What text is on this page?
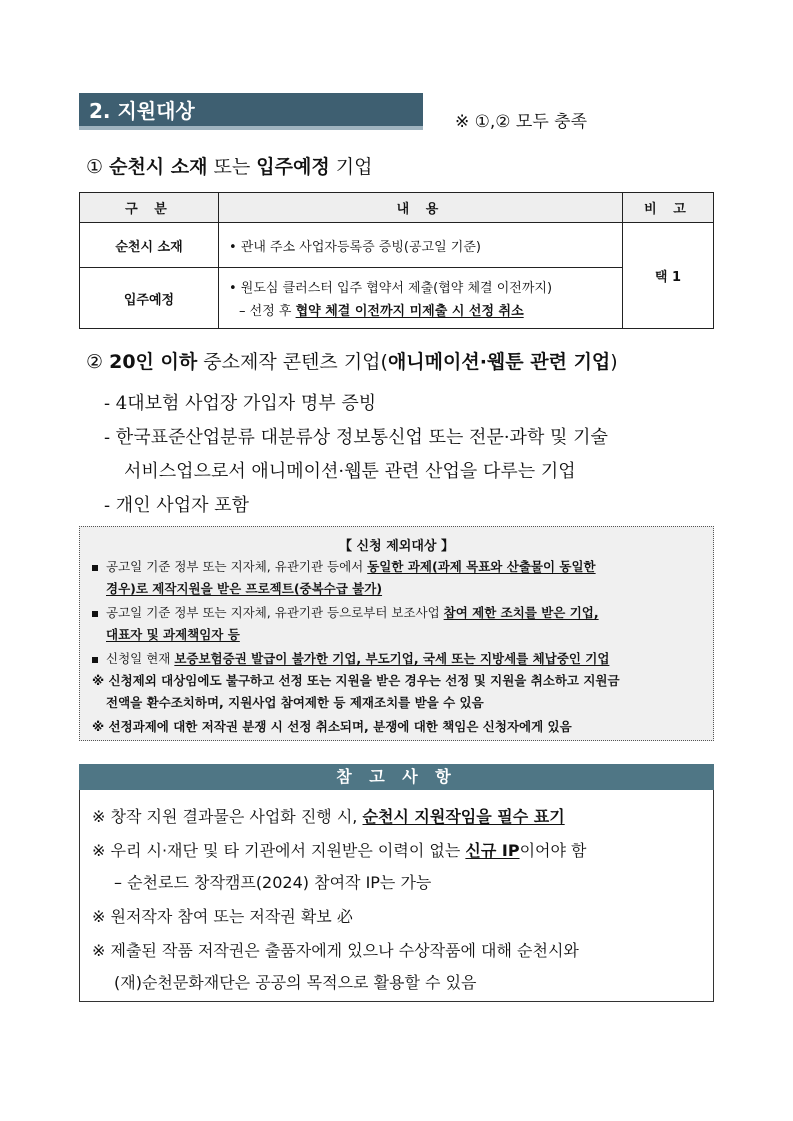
2. 지원대상	※ ①,② 모두 충족
① 순천시 소재 또는 입주예정 기업
구 분	내 용	비 고
순천시 소재	• 관내 주소 사업자등록증 증빙(공고일 기준)	택 1
입주예정	• 원도심 클러스터 입주 협약서 제출(협약 체결 이전까지)
– 선정 후 협약 체결 이전까지 미제출 시 선정 취소	
② 20인 이하 중소제작 콘텐츠 기업(애니메이션·웹툰 관련 기업)
- 4대보험 사업장 가입자 명부 증빙
- 한국표준산업분류 대분류상 정보통신업 또는 전문·과학 및 기술
서비스업으로서 애니메이션·웹툰 관련 산업을 다루는 기업
- 개인 사업자 포함
【 신청 제외대상 】
공고일 기준 정부 또는 지자체, 유관기관 등에서 동일한 과제(과제 목표와 산출물이 동일한
경우)로 제작지원을 받은 프로젝트(중복수급 불가)
공고일 기준 정부 또는 지자체, 유관기관 등으로부터 보조사업 참여 제한 조치를 받은 기업,
대표자 및 과제책임자 등
신청일 현재 보증보험증권 발급이 불가한 기업, 부도기업, 국세 또는 지방세를 체납중인 기업
※ 신청제외 대상임에도 불구하고 선정 또는 지원을 받은 경우는 선정 및 지원을 취소하고 지원금
전액을 환수조치하며, 지원사업 참여제한 등 제재조치를 받을 수 있음
※ 선정과제에 대한 저작권 분쟁 시 선정 취소되며, 분쟁에 대한 책임은 신청자에게 있음
참 고 사 항
※ 창작 지원 결과물은 사업화 진행 시, 순천시 지원작임을 필수 표기
※ 우리 시·재단 및 타 기관에서 지원받은 이력이 없는 신규 IP이어야 함
– 순천로드 창작캠프(2024) 참여작 IP는 가능
※ 원저작자 참여 또는 저작권 확보 必
※ 제출된 작품 저작권은 출품자에게 있으나 수상작품에 대해 순천시와
(재)순천문화재단은 공공의 목적으로 활용할 수 있음
